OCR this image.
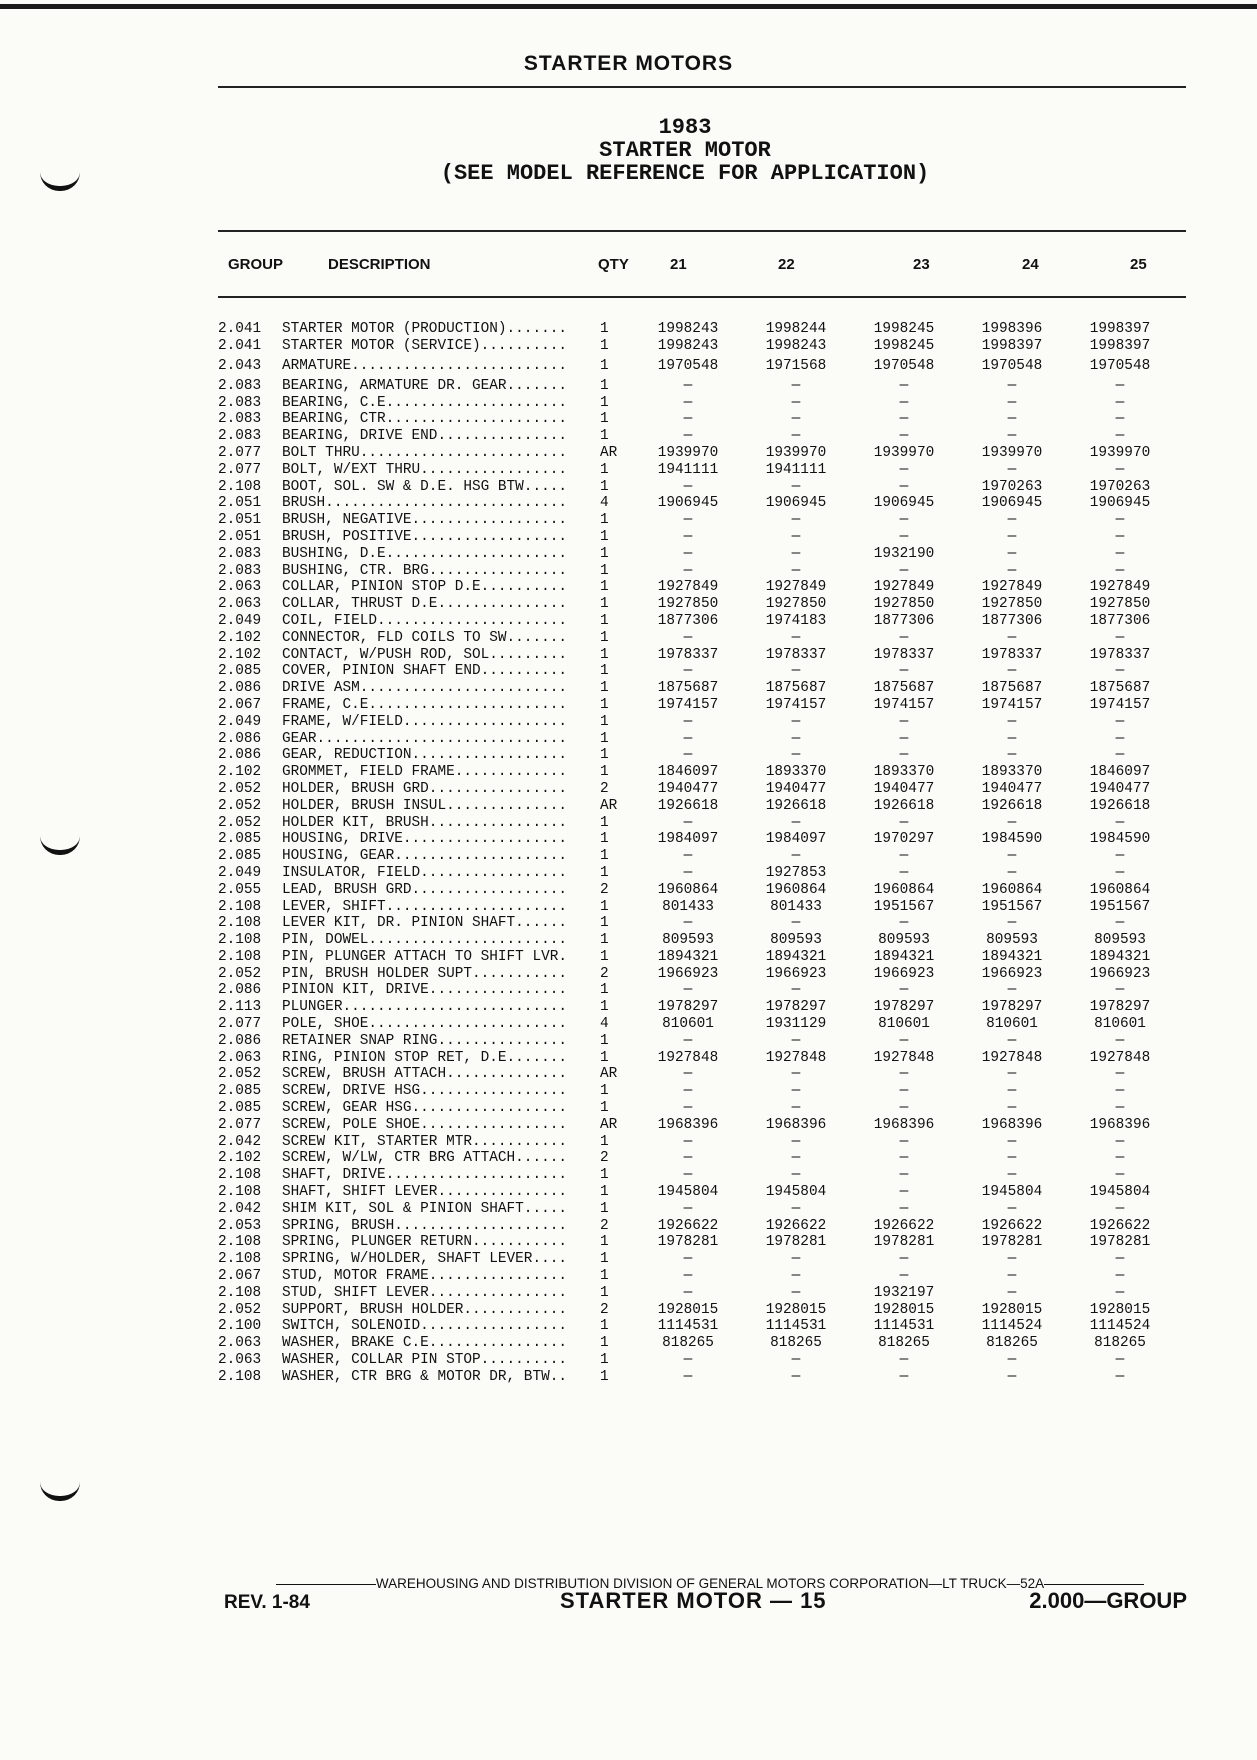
STARTER MOTORS
1983
STARTER MOTOR
(SEE MODEL REFERENCE FOR APPLICATION)
GROUP	DESCRIPTION	QTY	21	22	23	24	25
2.041	STARTER MOTOR (PRODUCTION).......	1	1998243	1998244	1998245	1998396	1998397
2.041	STARTER MOTOR (SERVICE)..........	1	1998243	1998243	1998245	1998397	1998397
2.043	ARMATURE.........................	1	1970548	1971568	1970548	1970548	1970548
2.083	BEARING, ARMATURE DR. GEAR.......	1	—	—	—	—	—
2.083	BEARING, C.E.....................	1	—	—	—	—	—
2.083	BEARING, CTR.....................	1	—	—	—	—	—
2.083	BEARING, DRIVE END...............	1	—	—	—	—	—
2.077	BOLT THRU........................	AR	1939970	1939970	1939970	1939970	1939970
2.077	BOLT, W/EXT THRU.................	1	1941111	1941111	—	—	—
2.108	BOOT, SOL. SW & D.E. HSG BTW.....	1	—	—	—	1970263	1970263
2.051	BRUSH............................	4	1906945	1906945	1906945	1906945	1906945
2.051	BRUSH, NEGATIVE..................	1	—	—	—	—	—
2.051	BRUSH, POSITIVE..................	1	—	—	—	—	—
2.083	BUSHING, D.E.....................	1	—	—	1932190	—	—
2.083	BUSHING, CTR. BRG................	1	—	—	—	—	—
2.063	COLLAR, PINION STOP D.E..........	1	1927849	1927849	1927849	1927849	1927849
2.063	COLLAR, THRUST D.E...............	1	1927850	1927850	1927850	1927850	1927850
2.049	COIL, FIELD......................	1	1877306	1974183	1877306	1877306	1877306
2.102	CONNECTOR, FLD COILS TO SW.......	1	—	—	—	—	—
2.102	CONTACT, W/PUSH ROD, SOL.........	1	1978337	1978337	1978337	1978337	1978337
2.085	COVER, PINION SHAFT END..........	1	—	—	—	—	—
2.086	DRIVE ASM........................	1	1875687	1875687	1875687	1875687	1875687
2.067	FRAME, C.E.......................	1	1974157	1974157	1974157	1974157	1974157
2.049	FRAME, W/FIELD...................	1	—	—	—	—	—
2.086	GEAR.............................	1	—	—	—	—	—
2.086	GEAR, REDUCTION..................	1	—	—	—	—	—
2.102	GROMMET, FIELD FRAME.............	1	1846097	1893370	1893370	1893370	1846097
2.052	HOLDER, BRUSH GRD................	2	1940477	1940477	1940477	1940477	1940477
2.052	HOLDER, BRUSH INSUL..............	AR	1926618	1926618	1926618	1926618	1926618
2.052	HOLDER KIT, BRUSH................	1	—	—	—	—	—
2.085	HOUSING, DRIVE...................	1	1984097	1984097	1970297	1984590	1984590
2.085	HOUSING, GEAR....................	1	—	—	—	—	—
2.049	INSULATOR, FIELD.................	1	—	1927853	—	—	—
2.055	LEAD, BRUSH GRD..................	2	1960864	1960864	1960864	1960864	1960864
2.108	LEVER, SHIFT.....................	1	801433	801433	1951567	1951567	1951567
2.108	LEVER KIT, DR. PINION SHAFT......	1	—	—	—	—	—
2.108	PIN, DOWEL.......................	1	809593	809593	809593	809593	809593
2.108	PIN, PLUNGER ATTACH TO SHIFT LVR.	1	1894321	1894321	1894321	1894321	1894321
2.052	PIN, BRUSH HOLDER SUPT...........	2	1966923	1966923	1966923	1966923	1966923
2.086	PINION KIT, DRIVE................	1	—	—	—	—	—
2.113	PLUNGER..........................	1	1978297	1978297	1978297	1978297	1978297
2.077	POLE, SHOE.......................	4	810601	1931129	810601	810601	810601
2.086	RETAINER SNAP RING...............	1	—	—	—	—	—
2.063	RING, PINION STOP RET, D.E.......	1	1927848	1927848	1927848	1927848	1927848
2.052	SCREW, BRUSH ATTACH..............	AR	—	—	—	—	—
2.085	SCREW, DRIVE HSG.................	1	—	—	—	—	—
2.085	SCREW, GEAR HSG..................	1	—	—	—	—	—
2.077	SCREW, POLE SHOE.................	AR	1968396	1968396	1968396	1968396	1968396
2.042	SCREW KIT, STARTER MTR...........	1	—	—	—	—	—
2.102	SCREW, W/LW, CTR BRG ATTACH......	2	—	—	—	—	—
2.108	SHAFT, DRIVE.....................	1	—	—	—	—	—
2.108	SHAFT, SHIFT LEVER...............	1	1945804	1945804	—	1945804	1945804
2.042	SHIM KIT, SOL & PINION SHAFT.....	1	—	—	—	—	—
2.053	SPRING, BRUSH....................	2	1926622	1926622	1926622	1926622	1926622
2.108	SPRING, PLUNGER RETURN...........	1	1978281	1978281	1978281	1978281	1978281
2.108	SPRING, W/HOLDER, SHAFT LEVER....	1	—	—	—	—	—
2.067	STUD, MOTOR FRAME................	1	—	—	—	—	—
2.108	STUD, SHIFT LEVER................	1	—	—	1932197	—	—
2.052	SUPPORT, BRUSH HOLDER............	2	1928015	1928015	1928015	1928015	1928015
2.100	SWITCH, SOLENOID.................	1	1114531	1114531	1114531	1114524	1114524
2.063	WASHER, BRAKE C.E................	1	818265	818265	818265	818265	818265
2.063	WASHER, COLLAR PIN STOP..........	1	—	—	—	—	—
2.108	WASHER, CTR BRG & MOTOR DR, BTW..	1	—	—	—	—	—
WAREHOUSING AND DISTRIBUTION DIVISION OF GENERAL MOTORS CORPORATION—LT TRUCK—52A
REV. 1-84	STARTER MOTOR — 15	2.000—GROUP
